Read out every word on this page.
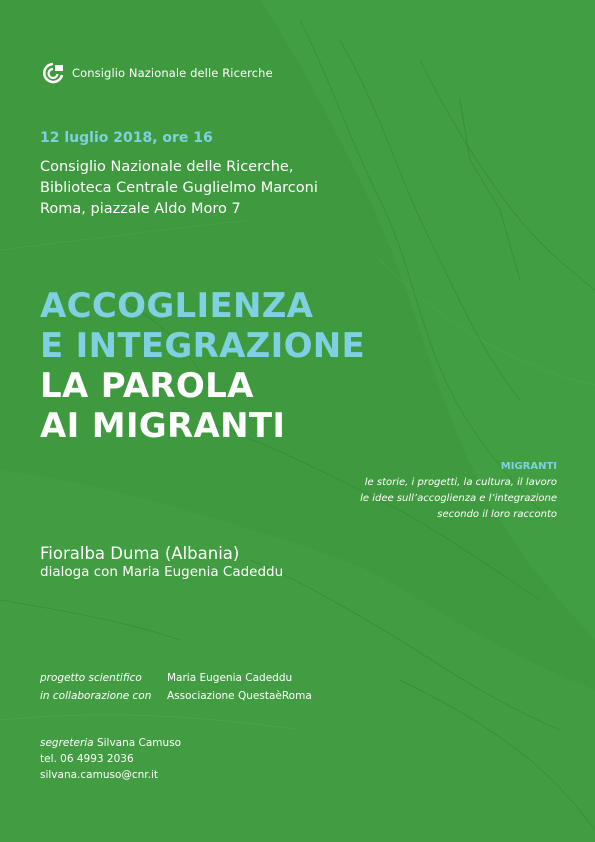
Consiglio Nazionale delle Ricerche
12 luglio 2018, ore 16
Consiglio Nazionale delle Ricerche,
Biblioteca Centrale Guglielmo Marconi
Roma, piazzale Aldo Moro 7
ACCOGLIENZA
E INTEGRAZIONE
LA PAROLA
AI MIGRANTI
MIGRANTI
le storie, i progetti, la cultura, il lavoro
le idee sull’accoglienza e l’integrazione
secondo il loro racconto
Fioralba Duma (Albania)
dialoga con Maria Eugenia Cadeddu
progetto scientifico	Maria Eugenia Cadeddu
in collaborazione con	Associazione QuestaèRoma
segreteria Silvana Camuso
tel. 06 4993 2036
silvana.camuso@cnr.it
